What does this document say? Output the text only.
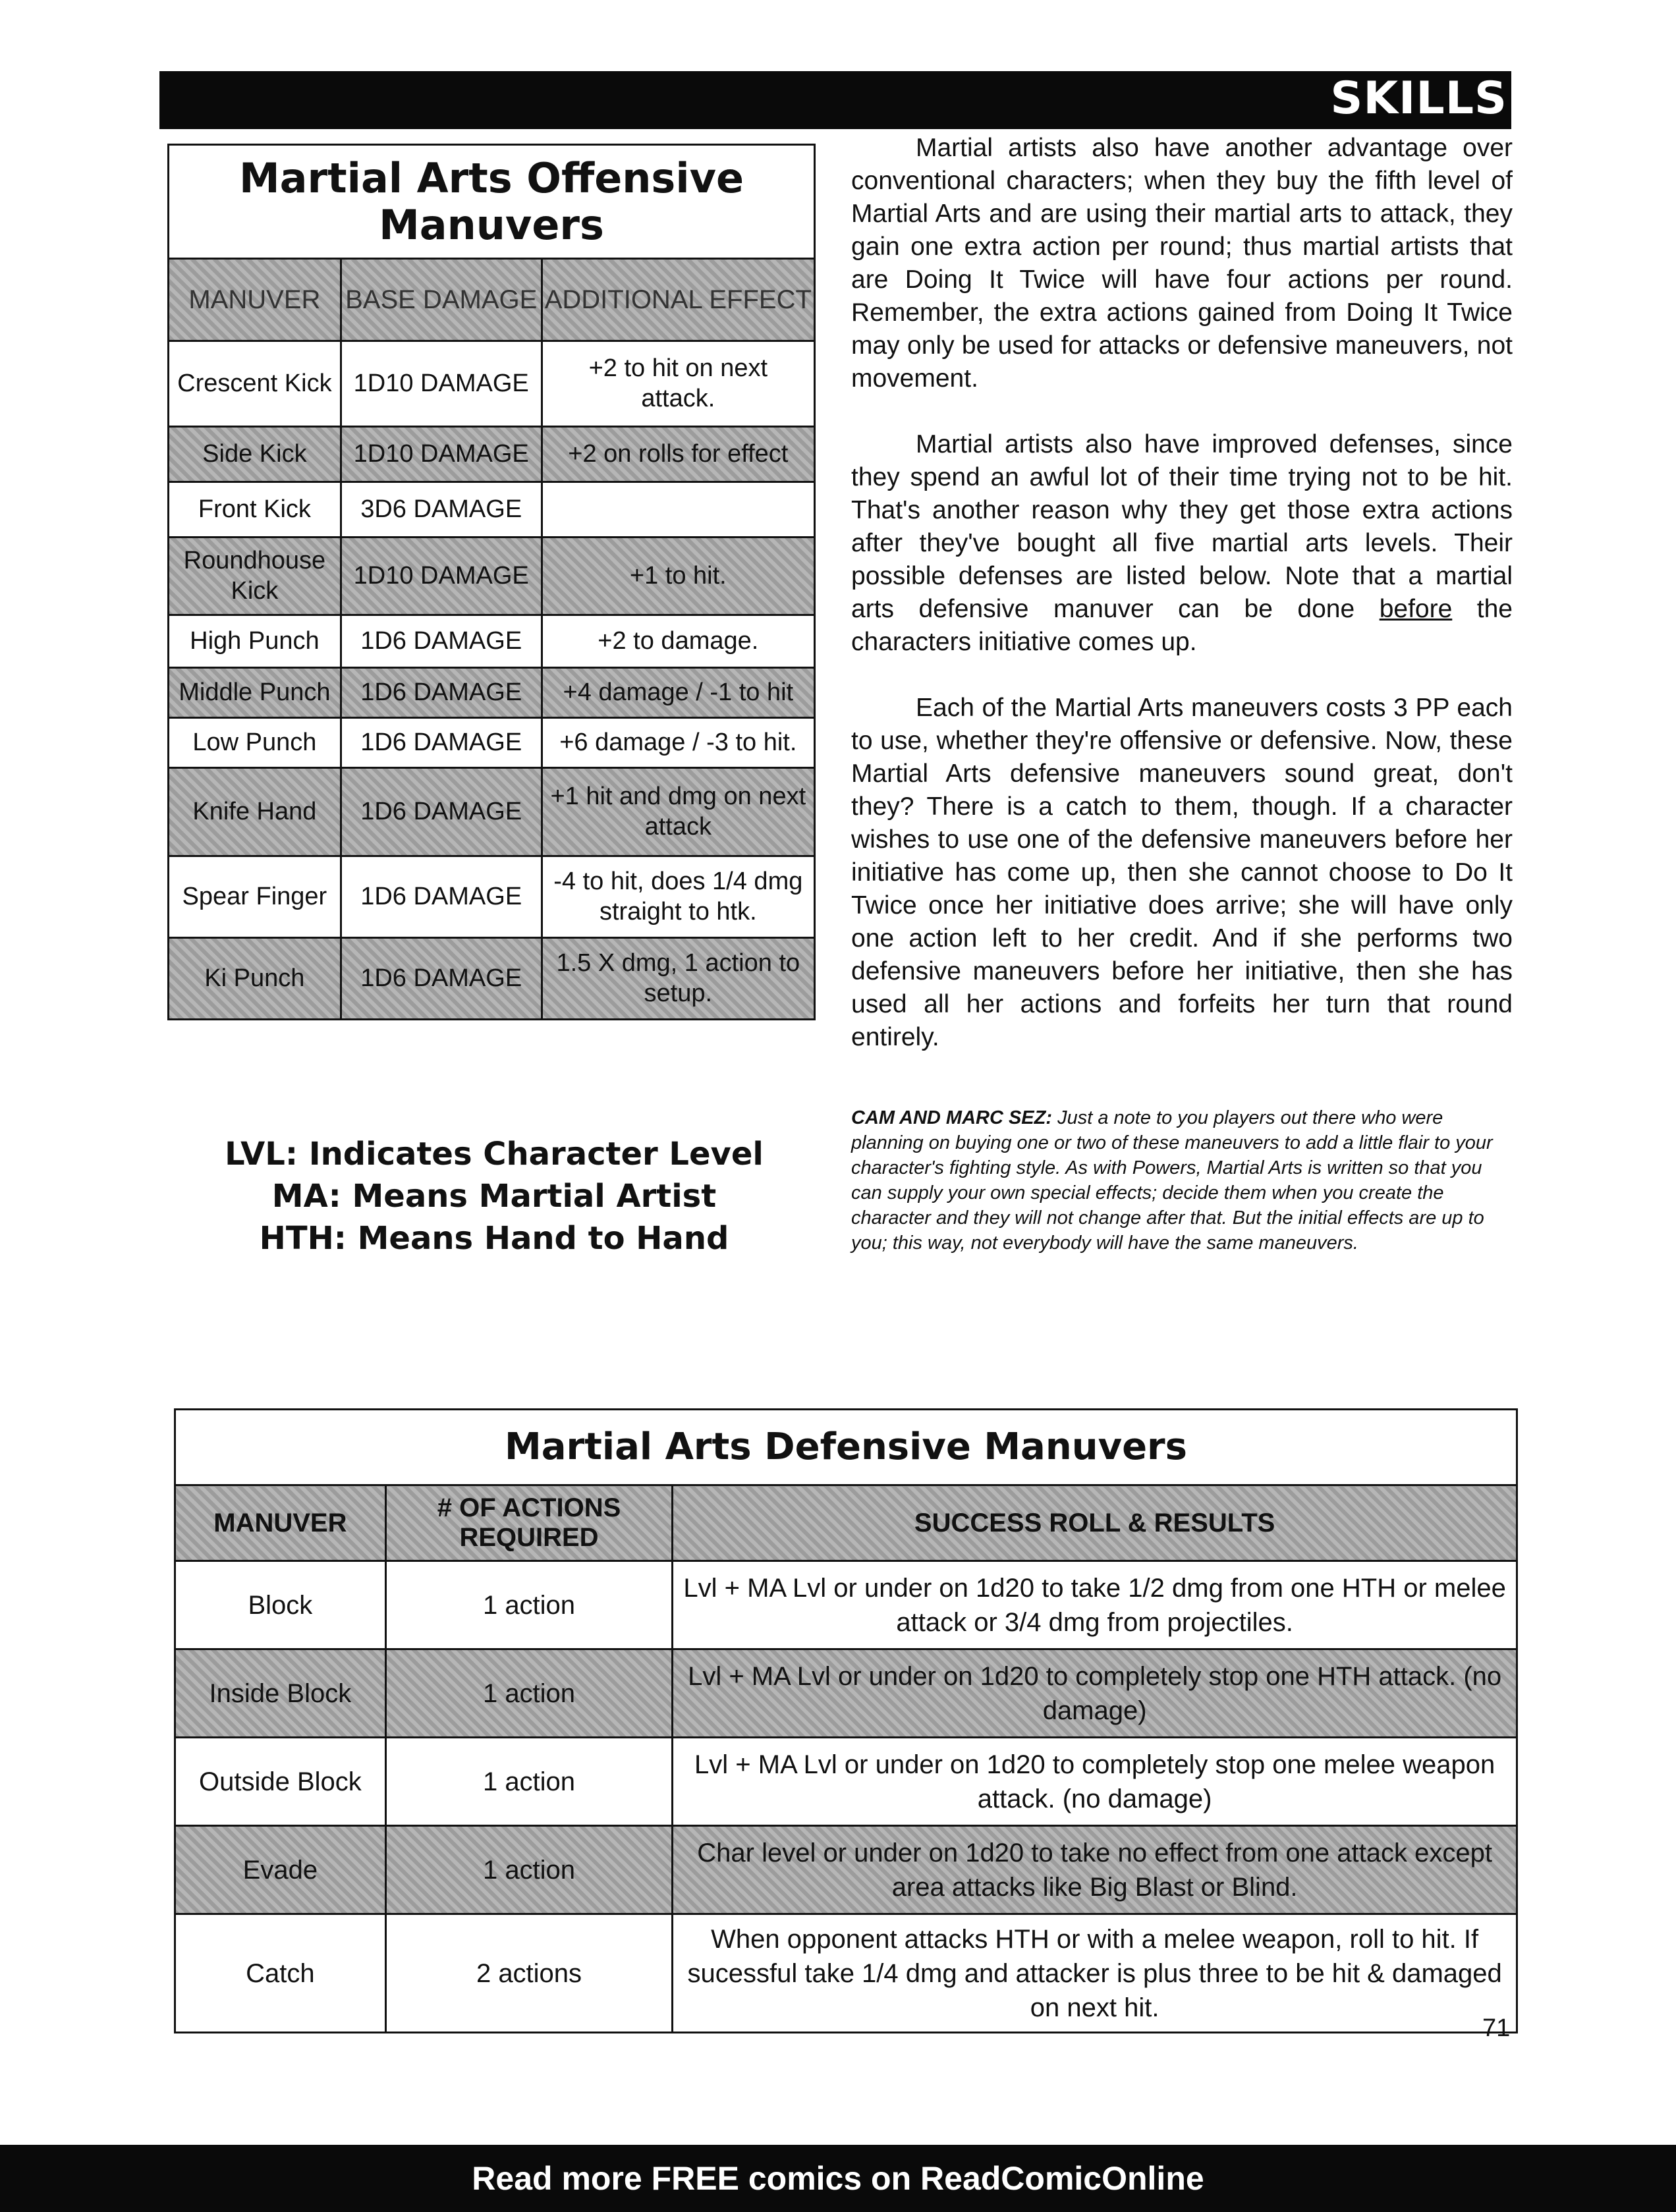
SKILLS
Martial Arts Offensive
Manuvers		

MANUVER	BASE DAMAGE	ADDITIONAL EFFECT
Crescent Kick	1D10 DAMAGE	+2 to hit on next attack.
Side Kick	1D10 DAMAGE	+2 on rolls for effect
Front Kick	3D6 DAMAGE	
Roundhouse Kick	1D10 DAMAGE	+1 to hit.
High Punch	1D6 DAMAGE	+2 to damage.
Middle Punch	1D6 DAMAGE	+4 damage / -1 to hit
Low Punch	1D6 DAMAGE	+6 damage / -3 to hit.
Knife Hand	1D6 DAMAGE	+1 hit and dmg on next attack
Spear Finger	1D6 DAMAGE	-4 to hit, does 1/4 dmg straight to htk.
Ki Punch	1D6 DAMAGE	1.5 X dmg, 1 action to setup.

Martial artists also have another advantage over conventional characters; when they buy the fifth level of Martial Arts and are using their martial arts to attack, they gain one extra action per round; thus martial artists that are Doing It Twice will have four actions per round. Remember, the extra actions gained from Doing It Twice may only be used for attacks or defensive maneuvers, not movement.

Martial artists also have improved defenses, since they spend an awful lot of their time trying not to be hit. That's another reason why they get those extra actions after they've bought all five martial arts levels. Their possible defenses are listed below. Note that a martial arts defensive manuver can be done before the characters initiative comes up.

Each of the Martial Arts maneuvers costs 3 PP each to use, whether they're offensive or defensive. Now, these Martial Arts defensive maneuvers sound great, don't they? There is a catch to them, though. If a character wishes to use one of the defensive maneuvers before her initiative has come up, then she cannot choose to Do It Twice once her initiative does arrive; she will have only one action left to her credit. And if she performs two defensive maneuvers before her initiative, then she has used all her actions and forfeits her turn that round entirely.

CAM AND MARC SEZ: Just a note to you players out there who were planning on buying one or two of these maneuvers to add a little flair to your character's fighting style. As with Powers, Martial Arts is written so that you can supply your own special effects; decide them when you create the character and they will not change after that. But the initial effects are up to you; this way, not everybody will have the same maneuvers.

LVL: Indicates Character Level
MA: Means Martial Artist
HTH: Means Hand to Hand
Martial Arts Defensive Manuvers		
MANUVER	# OF ACTIONS REQUIRED	SUCCESS ROLL & RESULTS
Block	1 action	Lvl + MA Lvl or under on 1d20 to take 1/2 dmg from one HTH or melee attack or 3/4 dmg from projectiles.
Inside Block	1 action	Lvl + MA Lvl or under on 1d20 to completely stop one HTH attack. (no damage)
Outside Block	1 action	Lvl + MA Lvl or under on 1d20 to completely stop one melee weapon attack. (no damage)
Evade	1 action	Char level or under on 1d20 to take no effect from one attack except area attacks like Big Blast or Blind.
Catch	2 actions	When opponent attacks HTH or with a melee weapon, roll to hit. If sucessful take 1/4 dmg and attacker is plus three to be hit & damaged on next hit.
71
Read more FREE comics on ReadComicOnline
